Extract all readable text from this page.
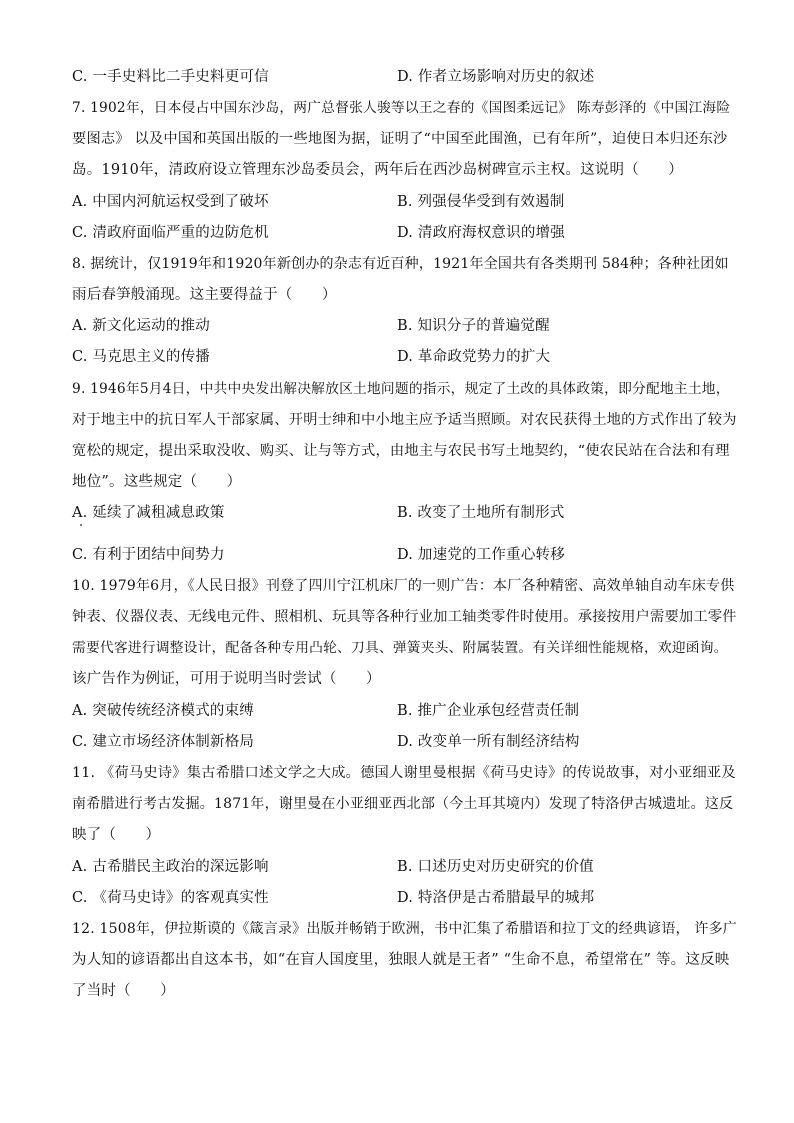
C. 一手史料比二手史料更可信	D. 作者立场影响对历史的叙述
7. 1902年，日本侵占中国东沙岛，两广总督张人骏等以王之春的《国图柔远记》 陈寿彭泽的《中国江海险
要图志》 以及中国和英国出版的一些地图为据，证明了“中国至此围渔，已有年所”，迫使日本归还东沙
岛。1910年，清政府设立管理东沙岛委员会，两年后在西沙岛树碑宣示主权。这说明（　　）
A. 中国内河航运权受到了破坏	B. 列强侵华受到有效遏制
C. 清政府面临严重的边防危机	D. 清政府海权意识的增强
8. 据统计，仅1919年和1920年新创办的杂志有近百种，1921年全国共有各类期刊 584种；各种社团如
雨后春笋般涌现。这主要得益于（　　）
A. 新文化运动的推动	B. 知识分子的普遍觉醒
C. 马克思主义的传播	D. 革命政党势力的扩大
9. 1946年5月4日，中共中央发出解决解放区土地问题的指示，规定了土改的具体政策，即分配地主土地，
对于地主中的抗日军人干部家属、开明士绅和中小地主应予适当照顾。对农民获得土地的方式作出了较为
宽松的规定，提出采取没收、购买、让与等方式，由地主与农民书写土地契约，“使农民站在合法和有理
地位”。这些规定（　　）
A. 延续了减租减息政策	B. 改变了土地所有制形式
C. 有利于团结中间势力	D. 加速党的工作重心转移
10. 1979年6月，《人民日报》刊登了四川宁江机床厂的一则广告：本厂各种精密、高效单轴自动车床专供
钟表、仪器仪表、无线电元件、照相机、玩具等各种行业加工轴类零件时使用。承接按用户需要加工零件
需要代客进行调整设计，配备各种专用凸轮、刀具、弹簧夹头、附属装置。有关详细性能规格，欢迎函询。
该广告作为例证，可用于说明当时尝试（　　）
A. 突破传统经济模式的束缚	B. 推广企业承包经营责任制
C. 建立市场经济体制新格局	D. 改变单一所有制经济结构
11. 《荷马史诗》集古希腊口述文学之大成。德国人谢里曼根据《荷马史诗》的传说故事，对小亚细亚及
南希腊进行考古发掘。1871年，谢里曼在小亚细亚西北部（今土耳其境内）发现了特洛伊古城遗址。这反
映了（　　）
A. 古希腊民主政治的深远影响	B. 口述历史对历史研究的价值
C. 《荷马史诗》的客观真实性	D. 特洛伊是古希腊最早的城邦
12. 1508年，伊拉斯谟的《箴言录》出版并畅销于欧洲，书中汇集了希腊语和拉丁文的经典谚语， 许多广
为人知的谚语都出自这本书，如“在盲人国度里，独眼人就是王者” “生命不息，希望常在” 等。这反映
了当时（　　）
